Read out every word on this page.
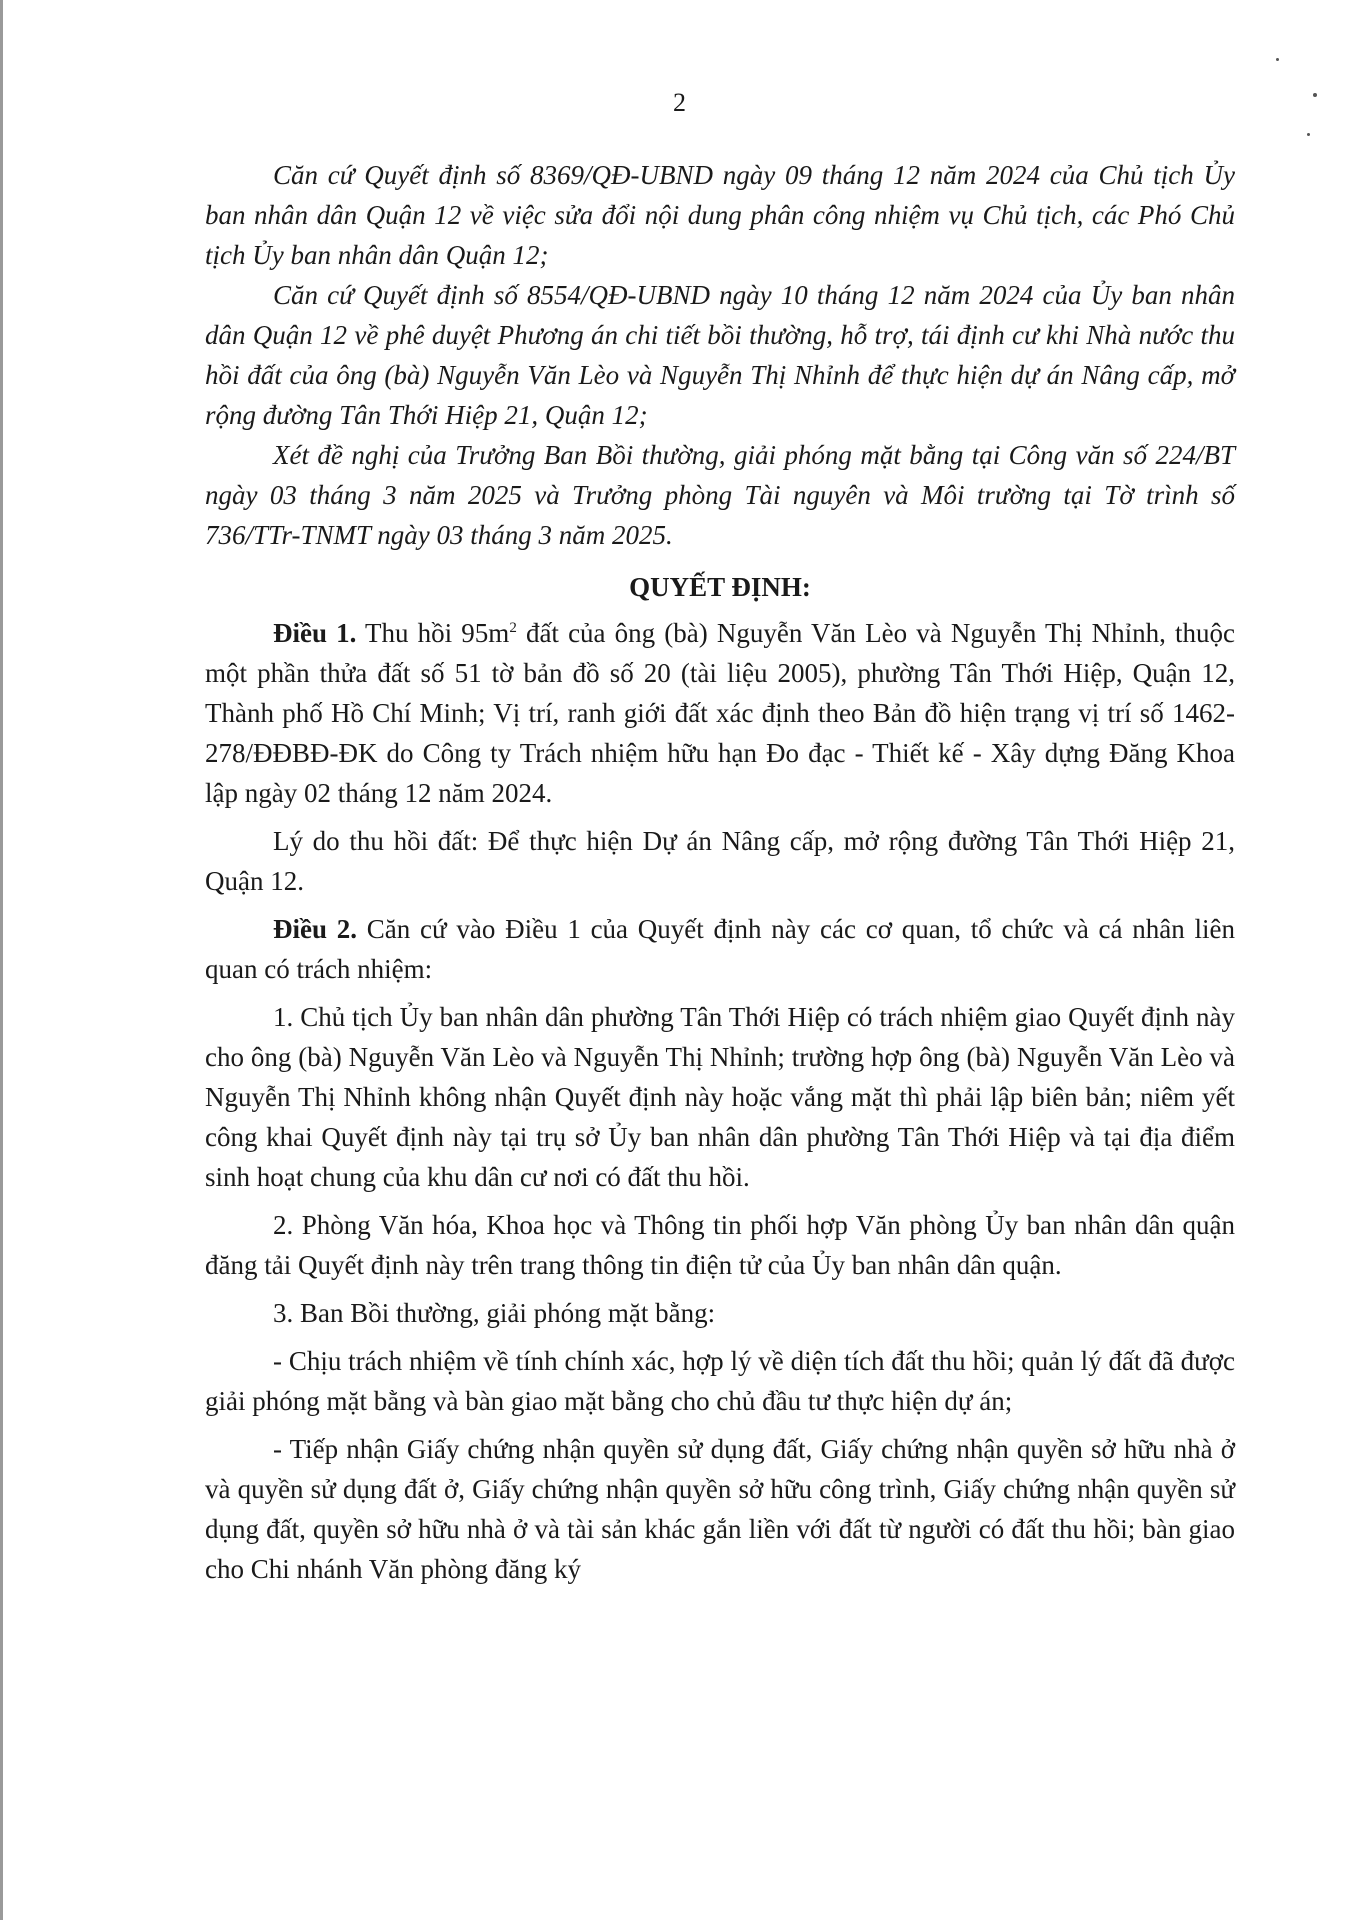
2

Căn cứ Quyết định số 8369/QĐ-UBND ngày 09 tháng 12 năm 2024 của Chủ tịch Ủy ban nhân dân Quận 12 về việc sửa đổi nội dung phân công nhiệm vụ Chủ tịch, các Phó Chủ tịch Ủy ban nhân dân Quận 12;

Căn cứ Quyết định số 8554/QĐ-UBND ngày 10 tháng 12 năm 2024 của Ủy ban nhân dân Quận 12 về phê duyệt Phương án chi tiết bồi thường, hỗ trợ, tái định cư khi Nhà nước thu hồi đất của ông (bà) Nguyễn Văn Lèo và Nguyễn Thị Nhỉnh để thực hiện dự án Nâng cấp, mở rộng đường Tân Thới Hiệp 21, Quận 12;

Xét đề nghị của Trưởng Ban Bồi thường, giải phóng mặt bằng tại Công văn số 224/BT ngày 03 tháng 3 năm 2025 và Trưởng phòng Tài nguyên và Môi trường tại Tờ trình số 736/TTr-TNMT ngày 03 tháng 3 năm 2025.

QUYẾT ĐỊNH:

Điều 1. Thu hồi $95m^2$ đất của ông (bà) Nguyễn Văn Lèo và Nguyễn Thị Nhỉnh, thuộc một phần thửa đất số 51 tờ bản đồ số 20 (tài liệu 2005), phường Tân Thới Hiệp, Quận 12, Thành phố Hồ Chí Minh; Vị trí, ranh giới đất xác định theo Bản đồ hiện trạng vị trí số 1462-278/ĐĐBĐ-ĐK do Công ty Trách nhiệm hữu hạn Đo đạc - Thiết kế - Xây dựng Đăng Khoa lập ngày 02 tháng 12 năm 2024.

Lý do thu hồi đất: Để thực hiện Dự án Nâng cấp, mở rộng đường Tân Thới Hiệp 21, Quận 12.

Điều 2. Căn cứ vào Điều 1 của Quyết định này các cơ quan, tổ chức và cá nhân liên quan có trách nhiệm:

1. Chủ tịch Ủy ban nhân dân phường Tân Thới Hiệp có trách nhiệm giao Quyết định này cho ông (bà) Nguyễn Văn Lèo và Nguyễn Thị Nhỉnh; trường hợp ông (bà) Nguyễn Văn Lèo và Nguyễn Thị Nhỉnh không nhận Quyết định này hoặc vắng mặt thì phải lập biên bản; niêm yết công khai Quyết định này tại trụ sở Ủy ban nhân dân phường Tân Thới Hiệp và tại địa điểm sinh hoạt chung của khu dân cư nơi có đất thu hồi.

2. Phòng Văn hóa, Khoa học và Thông tin phối hợp Văn phòng Ủy ban nhân dân quận đăng tải Quyết định này trên trang thông tin điện tử của Ủy ban nhân dân quận.

3. Ban Bồi thường, giải phóng mặt bằng:

- Chịu trách nhiệm về tính chính xác, hợp lý về diện tích đất thu hồi; quản lý đất đã được giải phóng mặt bằng và bàn giao mặt bằng cho chủ đầu tư thực hiện dự án;

- Tiếp nhận Giấy chứng nhận quyền sử dụng đất, Giấy chứng nhận quyền sở hữu nhà ở và quyền sử dụng đất ở, Giấy chứng nhận quyền sở hữu công trình, Giấy chứng nhận quyền sử dụng đất, quyền sở hữu nhà ở và tài sản khác gắn liền với đất từ người có đất thu hồi; bàn giao cho Chi nhánh Văn phòng đăng ký
